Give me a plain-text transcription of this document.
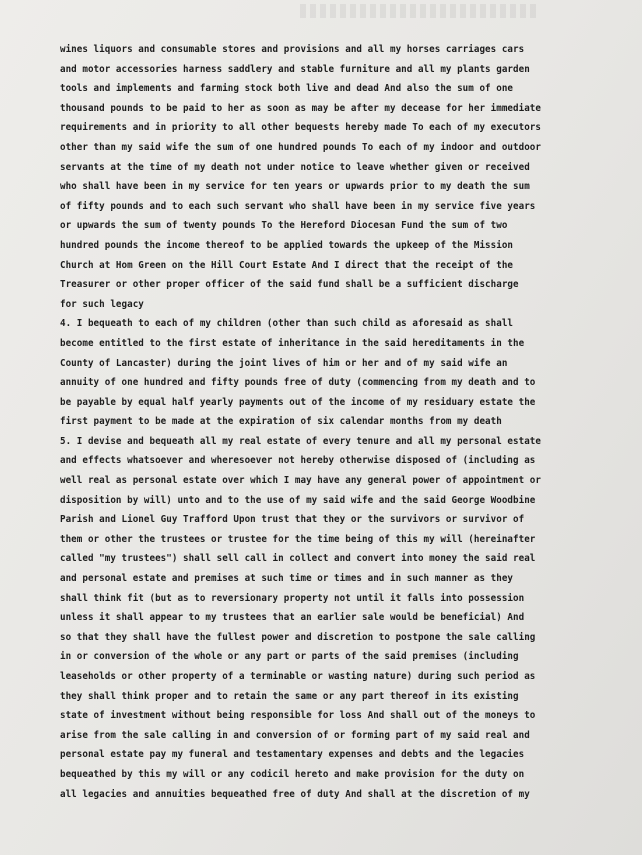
wines liquors and consumable stores and provisions and all my horses carriages cars
and motor accessories harness saddlery and stable furniture and all my plants garden
tools and implements and farming stock both live and dead And also the sum of one
thousand pounds to be paid to her as soon as may be after my decease for her immediate
requirements and in priority to all other bequests hereby made To each of my executors
other than my said wife the sum of one hundred pounds To each of my indoor and outdoor
servants at the time of my death not under notice to leave whether given or received
who shall have been in my service for ten years or upwards prior to my death the sum
of fifty pounds and to each such servant who shall have been in my service five years
or upwards the sum of twenty pounds To the Hereford Diocesan Fund the sum of two
hundred pounds the income thereof to be applied towards the upkeep of the Mission
Church at Hom Green on the Hill Court Estate And I direct that the receipt of the
Treasurer or other proper officer of the said fund shall be a sufficient discharge
for such legacy
4. I bequeath to each of my children (other than such child as aforesaid as shall
become entitled to the first estate of inheritance in the said hereditaments in the
County of Lancaster) during the joint lives of him or her and of my said wife an
annuity of one hundred and fifty pounds free of duty (commencing from my death and to
be payable by equal half yearly payments out of the income of my residuary estate the
first payment to be made at the expiration of six calendar months from my death
5. I devise and bequeath all my real estate of every tenure and all my personal estate
and effects whatsoever and wheresoever not hereby otherwise disposed of (including as
well real as personal estate over which I may have any general power of appointment or
disposition by will) unto and to the use of my said wife and the said George Woodbine
Parish and Lionel Guy Trafford Upon trust that they or the survivors or survivor of
them or other the trustees or trustee for the time being of this my will (hereinafter
called "my trustees") shall sell call in collect and convert into money the said real
and personal estate and premises at such time or times and in such manner as they
shall think fit (but as to reversionary property not until it falls into possession
unless it shall appear to my trustees that an earlier sale would be beneficial) And
so that they shall have the fullest power and discretion to postpone the sale calling
in or conversion of the whole or any part or parts of the said premises (including
leaseholds or other property of a terminable or wasting nature) during such period as
they shall think proper and to retain the same or any part thereof in its existing
state of investment without being responsible for loss And shall out of the moneys to
arise from the sale calling in and conversion of or forming part of my said real and
personal estate pay my funeral and testamentary expenses and debts and the legacies
bequeathed by this my will or any codicil hereto and make provision for the duty on
all legacies and annuities bequeathed free of duty And shall at the discretion of my
